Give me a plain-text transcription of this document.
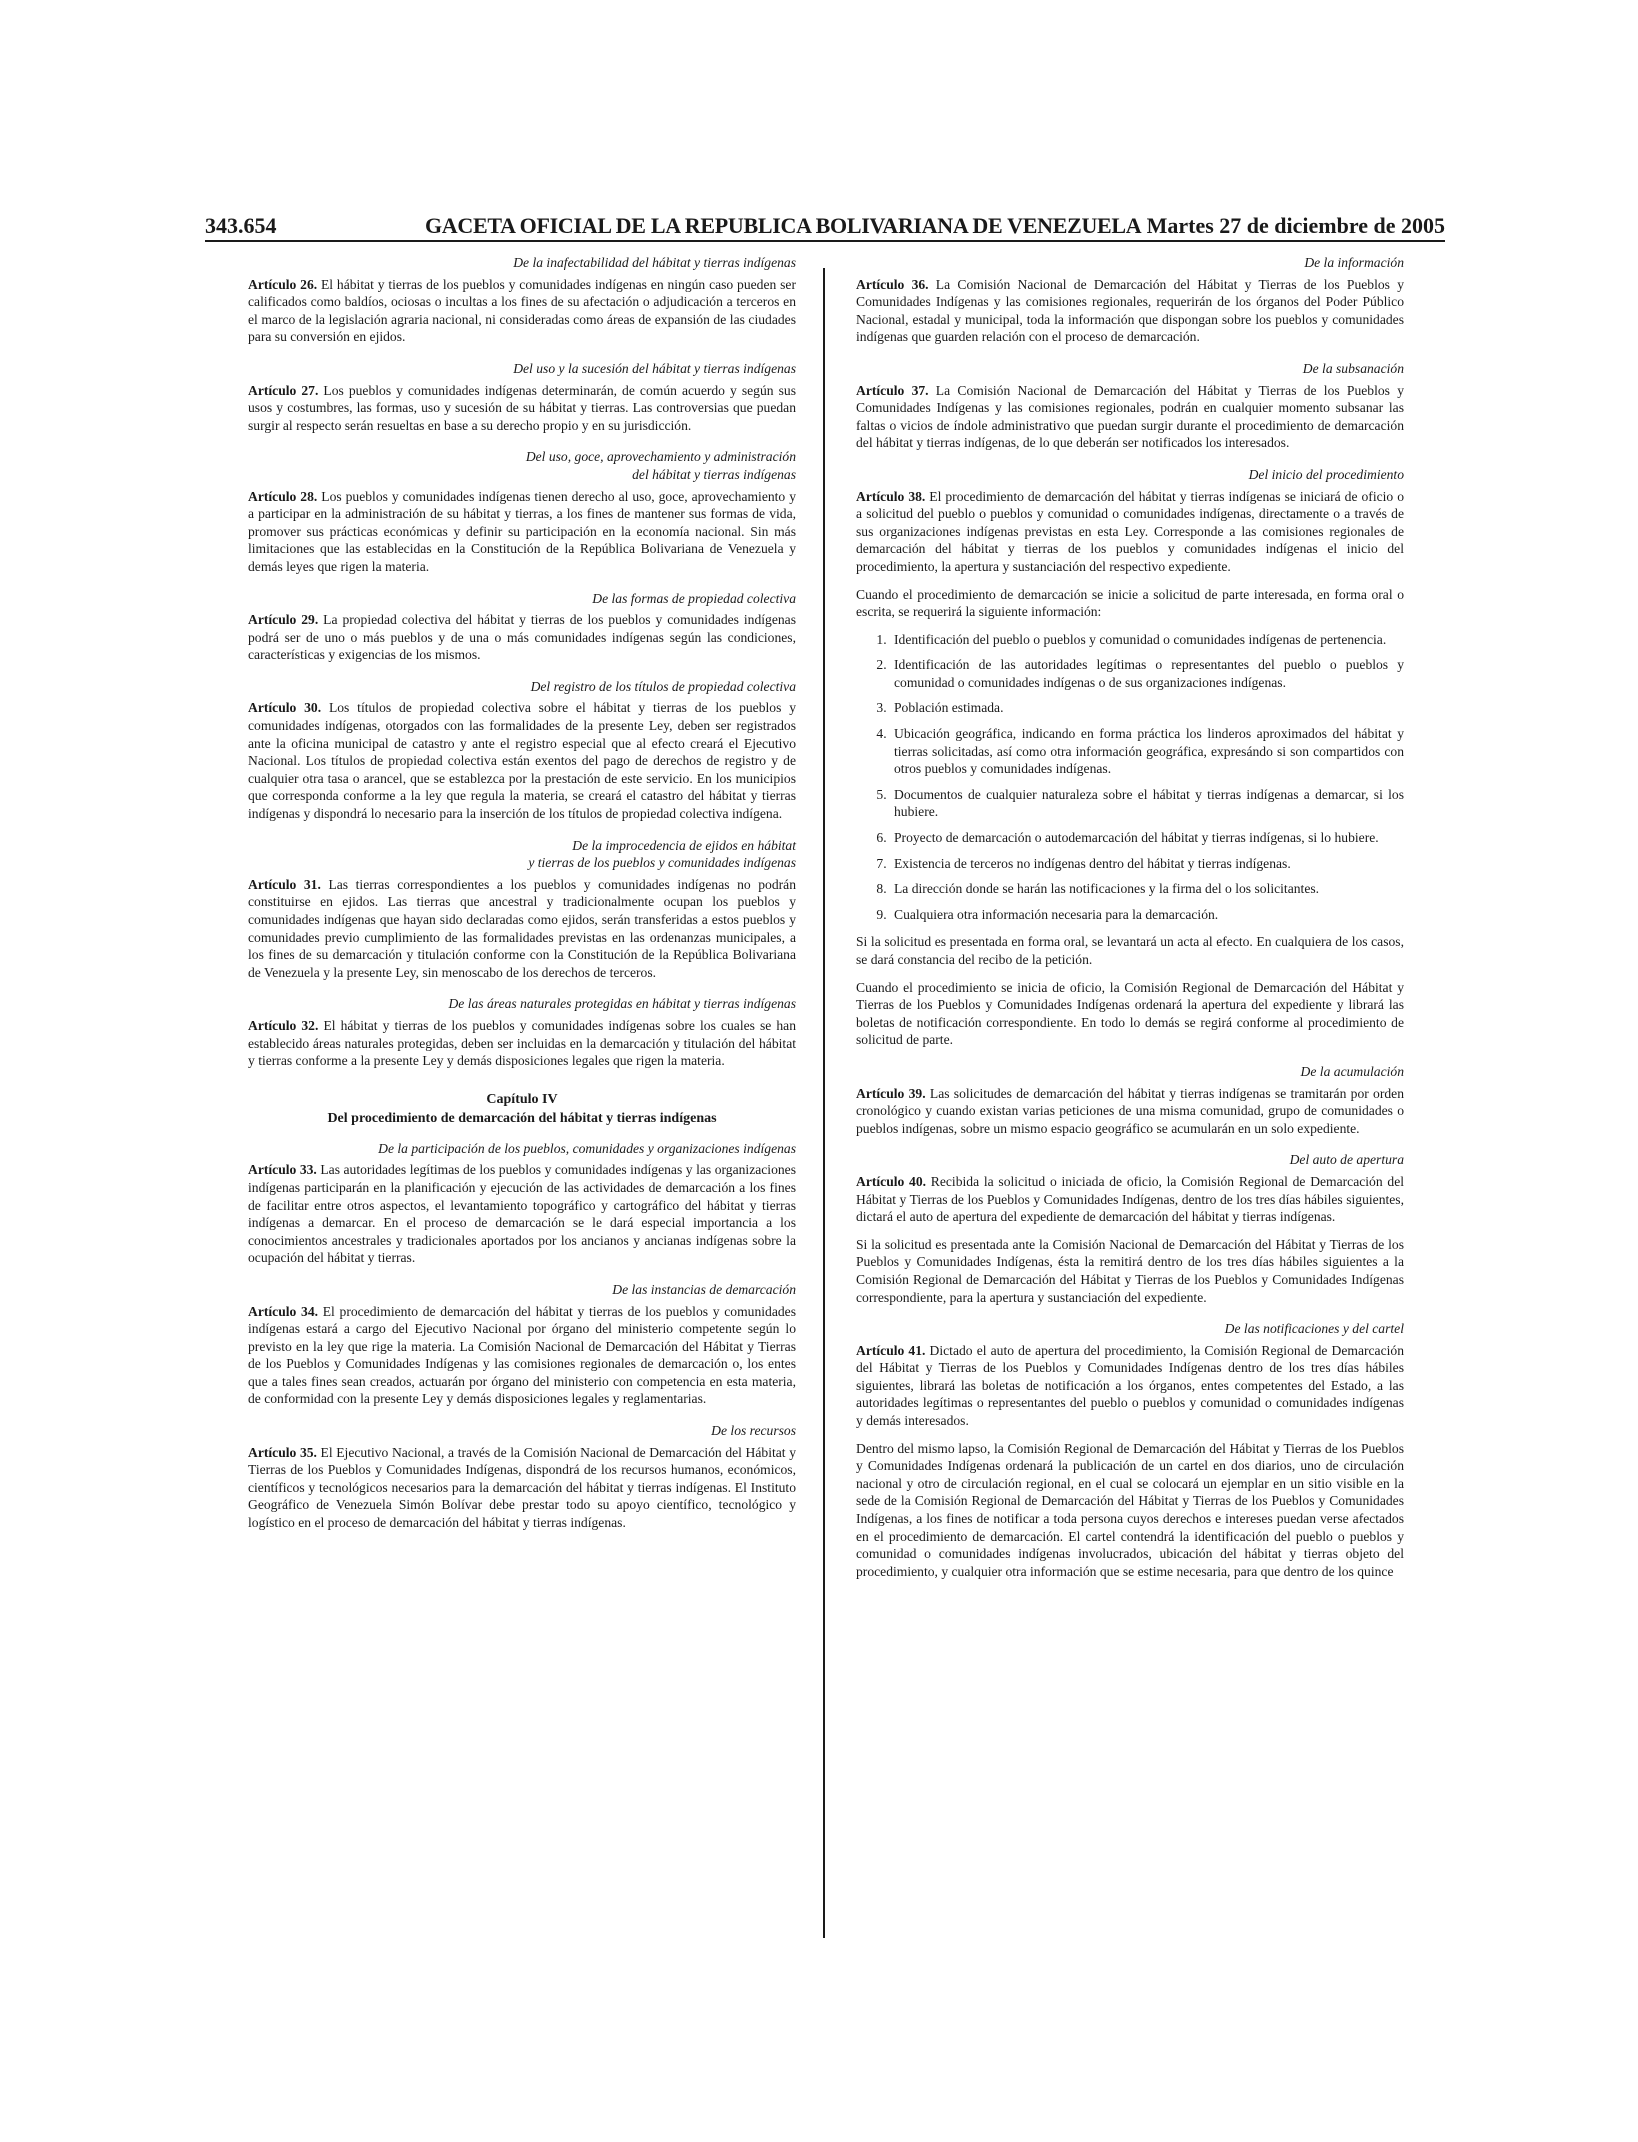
343.654	GACETA OFICIAL DE LA REPUBLICA BOLIVARIANA DE VENEZUELA Martes 27 de diciembre de 2005
De la inafectabilidad del hábitat y tierras indígenas

Artículo 26. El hábitat y tierras de los pueblos y comunidades indígenas en ningún caso pueden ser calificados como baldíos, ociosas o incultas a los fines de su afectación o adjudicación a terceros en el marco de la legislación agraria nacional, ni consideradas como áreas de expansión de las ciudades para su conversión en ejidos.

Del uso y la sucesión del hábitat y tierras indígenas

Artículo 27. Los pueblos y comunidades indígenas determinarán, de común acuerdo y según sus usos y costumbres, las formas, uso y sucesión de su hábitat y tierras. Las controversias que puedan surgir al respecto serán resueltas en base a su derecho propio y en su jurisdicción.

Del uso, goce, aprovechamiento y administración
del hábitat y tierras indígenas

Artículo 28. Los pueblos y comunidades indígenas tienen derecho al uso, goce, aprovechamiento y a participar en la administración de su hábitat y tierras, a los fines de mantener sus formas de vida, promover sus prácticas económicas y definir su participación en la economía nacional. Sin más limitaciones que las establecidas en la Constitución de la República Bolivariana de Venezuela y demás leyes que rigen la materia.

De las formas de propiedad colectiva

Artículo 29. La propiedad colectiva del hábitat y tierras de los pueblos y comunidades indígenas podrá ser de uno o más pueblos y de una o más comunidades indígenas según las condiciones, características y exigencias de los mismos.

Del registro de los títulos de propiedad colectiva

Artículo 30. Los títulos de propiedad colectiva sobre el hábitat y tierras de los pueblos y comunidades indígenas, otorgados con las formalidades de la presente Ley, deben ser registrados ante la oficina municipal de catastro y ante el registro especial que al efecto creará el Ejecutivo Nacional. Los títulos de propiedad colectiva están exentos del pago de derechos de registro y de cualquier otra tasa o arancel, que se establezca por la prestación de este servicio. En los municipios que corresponda conforme a la ley que regula la materia, se creará el catastro del hábitat y tierras indígenas y dispondrá lo necesario para la inserción de los títulos de propiedad colectiva indígena.

De la improcedencia de ejidos en hábitat
y tierras de los pueblos y comunidades indígenas

Artículo 31. Las tierras correspondientes a los pueblos y comunidades indígenas no podrán constituirse en ejidos. Las tierras que ancestral y tradicionalmente ocupan los pueblos y comunidades indígenas que hayan sido declaradas como ejidos, serán transferidas a estos pueblos y comunidades previo cumplimiento de las formalidades previstas en las ordenanzas municipales, a los fines de su demarcación y titulación conforme con la Constitución de la República Bolivariana de Venezuela y la presente Ley, sin menoscabo de los derechos de terceros.

De las áreas naturales protegidas en hábitat y tierras indígenas

Artículo 32. El hábitat y tierras de los pueblos y comunidades indígenas sobre los cuales se han establecido áreas naturales protegidas, deben ser incluidas en la demarcación y titulación del hábitat y tierras conforme a la presente Ley y demás disposiciones legales que rigen la materia.

Capítulo IV
Del procedimiento de demarcación del hábitat y tierras indígenas
De la participación de los pueblos, comunidades y organizaciones indígenas

Artículo 33. Las autoridades legítimas de los pueblos y comunidades indígenas y las organizaciones indígenas participarán en la planificación y ejecución de las actividades de demarcación a los fines de facilitar entre otros aspectos, el levantamiento topográfico y cartográfico del hábitat y tierras indígenas a demarcar. En el proceso de demarcación se le dará especial importancia a los conocimientos ancestrales y tradicionales aportados por los ancianos y ancianas indígenas sobre la ocupación del hábitat y tierras.

De las instancias de demarcación

Artículo 34. El procedimiento de demarcación del hábitat y tierras de los pueblos y comunidades indígenas estará a cargo del Ejecutivo Nacional por órgano del ministerio competente según lo previsto en la ley que rige la materia. La Comisión Nacional de Demarcación del Hábitat y Tierras de los Pueblos y Comunidades Indígenas y las comisiones regionales de demarcación o, los entes que a tales fines sean creados, actuarán por órgano del ministerio con competencia en esta materia, de conformidad con la presente Ley y demás disposiciones legales y reglamentarias.

De los recursos

Artículo 35. El Ejecutivo Nacional, a través de la Comisión Nacional de Demarcación del Hábitat y Tierras de los Pueblos y Comunidades Indígenas, dispondrá de los recursos humanos, económicos, científicos y tecnológicos necesarios para la demarcación del hábitat y tierras indígenas. El Instituto Geográfico de Venezuela Simón Bolívar debe prestar todo su apoyo científico, tecnológico y logístico en el proceso de demarcación del hábitat y tierras indígenas.

De la información

Artículo 36. La Comisión Nacional de Demarcación del Hábitat y Tierras de los Pueblos y Comunidades Indígenas y las comisiones regionales, requerirán de los órganos del Poder Público Nacional, estadal y municipal, toda la información que dispongan sobre los pueblos y comunidades indígenas que guarden relación con el proceso de demarcación.

De la subsanación

Artículo 37. La Comisión Nacional de Demarcación del Hábitat y Tierras de los Pueblos y Comunidades Indígenas y las comisiones regionales, podrán en cualquier momento subsanar las faltas o vicios de índole administrativo que puedan surgir durante el procedimiento de demarcación del hábitat y tierras indígenas, de lo que deberán ser notificados los interesados.

Del inicio del procedimiento

Artículo 38. El procedimiento de demarcación del hábitat y tierras indígenas se iniciará de oficio o a solicitud del pueblo o pueblos y comunidad o comunidades indígenas, directamente o a través de sus organizaciones indígenas previstas en esta Ley. Corresponde a las comisiones regionales de demarcación del hábitat y tierras de los pueblos y comunidades indígenas el inicio del procedimiento, la apertura y sustanciación del respectivo expediente.

Cuando el procedimiento de demarcación se inicie a solicitud de parte interesada, en forma oral o escrita, se requerirá la siguiente información:

1. Identificación del pueblo o pueblos y comunidad o comunidades indígenas de pertenencia.
2. Identificación de las autoridades legítimas o representantes del pueblo o pueblos y comunidad o comunidades indígenas o de sus organizaciones indígenas.
3. Población estimada.
4. Ubicación geográfica, indicando en forma práctica los linderos aproximados del hábitat y tierras solicitadas, así como otra información geográfica, expresándo si son compartidos con otros pueblos y comunidades indígenas.
5. Documentos de cualquier naturaleza sobre el hábitat y tierras indígenas a demarcar, si los hubiere.
6. Proyecto de demarcación o autodemarcación del hábitat y tierras indígenas, si lo hubiere.
7. Existencia de terceros no indígenas dentro del hábitat y tierras indígenas.
8. La dirección donde se harán las notificaciones y la firma del o los solicitantes.
9. Cualquiera otra información necesaria para la demarcación.

Si la solicitud es presentada en forma oral, se levantará un acta al efecto. En cualquiera de los casos, se dará constancia del recibo de la petición.

Cuando el procedimiento se inicia de oficio, la Comisión Regional de Demarcación del Hábitat y Tierras de los Pueblos y Comunidades Indígenas ordenará la apertura del expediente y librará las boletas de notificación correspondiente. En todo lo demás se regirá conforme al procedimiento de solicitud de parte.

De la acumulación

Artículo 39. Las solicitudes de demarcación del hábitat y tierras indígenas se tramitarán por orden cronológico y cuando existan varias peticiones de una misma comunidad, grupo de comunidades o pueblos indígenas, sobre un mismo espacio geográfico se acumularán en un solo expediente.

Del auto de apertura

Artículo 40. Recibida la solicitud o iniciada de oficio, la Comisión Regional de Demarcación del Hábitat y Tierras de los Pueblos y Comunidades Indígenas, dentro de los tres días hábiles siguientes, dictará el auto de apertura del expediente de demarcación del hábitat y tierras indígenas.

Si la solicitud es presentada ante la Comisión Nacional de Demarcación del Hábitat y Tierras de los Pueblos y Comunidades Indígenas, ésta la remitirá dentro de los tres días hábiles siguientes a la Comisión Regional de Demarcación del Hábitat y Tierras de los Pueblos y Comunidades Indígenas correspondiente, para la apertura y sustanciación del expediente.

De las notificaciones y del cartel

Artículo 41. Dictado el auto de apertura del procedimiento, la Comisión Regional de Demarcación del Hábitat y Tierras de los Pueblos y Comunidades Indígenas dentro de los tres días hábiles siguientes, librará las boletas de notificación a los órganos, entes competentes del Estado, a las autoridades legítimas o representantes del pueblo o pueblos y comunidad o comunidades indígenas y demás interesados.

Dentro del mismo lapso, la Comisión Regional de Demarcación del Hábitat y Tierras de los Pueblos y Comunidades Indígenas ordenará la publicación de un cartel en dos diarios, uno de circulación nacional y otro de circulación regional, en el cual se colocará un ejemplar en un sitio visible en la sede de la Comisión Regional de Demarcación del Hábitat y Tierras de los Pueblos y Comunidades Indígenas, a los fines de notificar a toda persona cuyos derechos e intereses puedan verse afectados en el procedimiento de demarcación. El cartel contendrá la identificación del pueblo o pueblos y comunidad o comunidades indígenas involucrados, ubicación del hábitat y tierras objeto del procedimiento, y cualquier otra información que se estime necesaria, para que dentro de los quince
